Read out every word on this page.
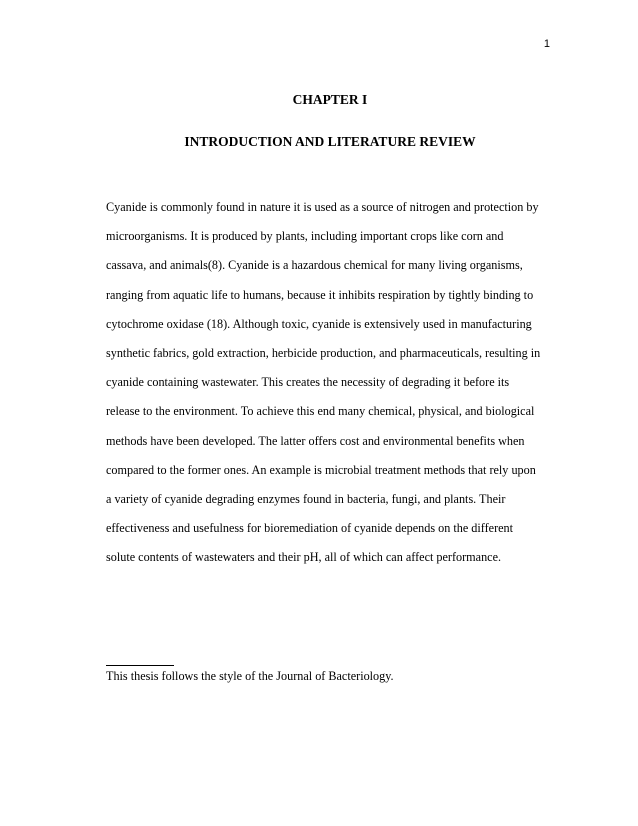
1
CHAPTER I
INTRODUCTION AND LITERATURE REVIEW
Cyanide is commonly found in nature it is used as a source of nitrogen and protection by
microorganisms. It is produced by plants, including important crops like corn and
cassava, and animals(8). Cyanide is a hazardous chemical for many living organisms,
ranging from aquatic life to humans, because it inhibits respiration by tightly binding to
cytochrome oxidase (18). Although toxic, cyanide is extensively used in manufacturing
synthetic fabrics, gold extraction, herbicide production, and pharmaceuticals, resulting in
cyanide containing wastewater. This creates the necessity of degrading it before its
release to the environment. To achieve this end many chemical, physical, and biological
methods have been developed. The latter offers cost and environmental benefits when
compared to the former ones. An example is microbial treatment methods that rely upon
a variety of cyanide degrading enzymes found in bacteria, fungi, and plants. Their
effectiveness and usefulness for bioremediation of cyanide depends on the different
solute contents of wastewaters and their pH, all of which can affect performance.
This thesis follows the style of the Journal of Bacteriology.
